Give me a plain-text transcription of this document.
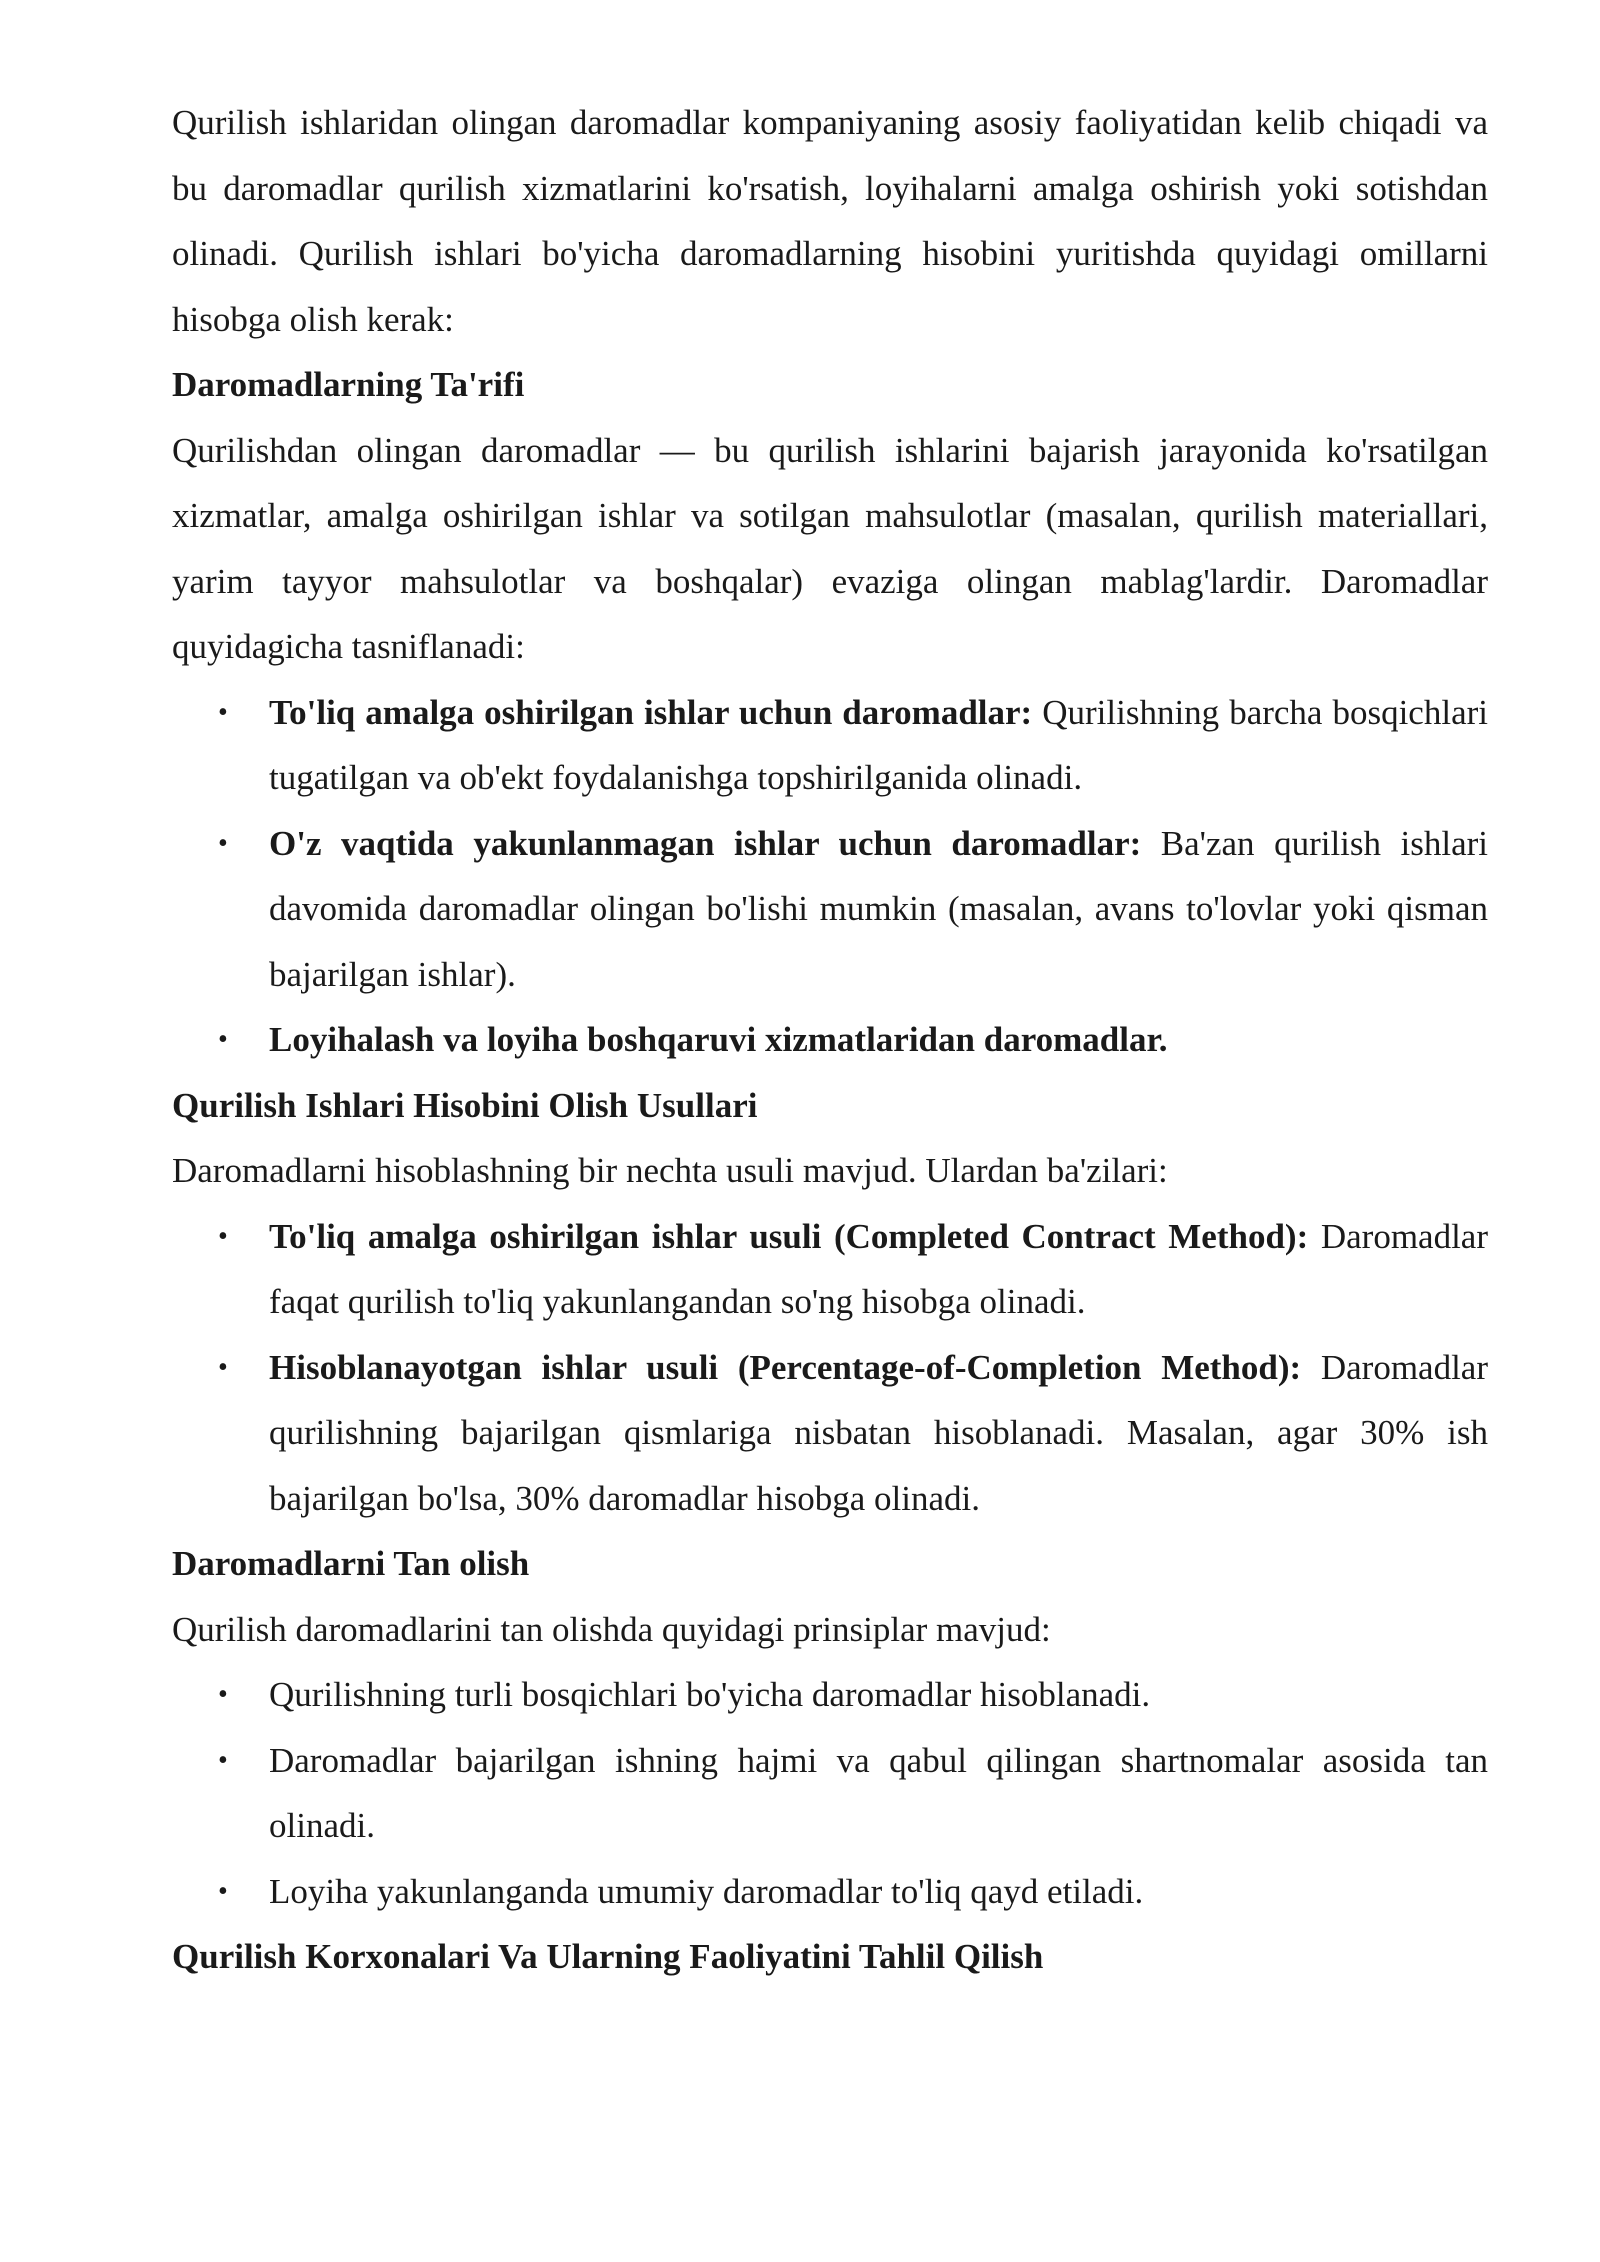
Qurilish ishlaridan olingan daromadlar kompaniyaning asosiy faoliyatidan kelib chiqadi va bu daromadlar qurilish xizmatlarini ko'rsatish, loyihalarni amalga oshirish yoki sotishdan olinadi. Qurilish ishlari bo'yicha daromadlarning hisobini yuritishda quyidagi omillarni hisobga olish kerak:

Daromadlarning Ta'rifi

Qurilishdan olingan daromadlar — bu qurilish ishlarini bajarish jarayonida ko'rsatilgan xizmatlar, amalga oshirilgan ishlar va sotilgan mahsulotlar (masalan, qurilish materiallari, yarim tayyor mahsulotlar va boshqalar) evaziga olingan mablag'lardir. Daromadlar quyidagicha tasniflanadi:

• To'liq amalga oshirilgan ishlar uchun daromadlar: Qurilishning barcha bosqichlari tugatilgan va ob'ekt foydalanishga topshirilganida olinadi.
• O'z vaqtida yakunlanmagan ishlar uchun daromadlar: Ba'zan qurilish ishlari davomida daromadlar olingan bo'lishi mumkin (masalan, avans to'lovlar yoki qisman bajarilgan ishlar).
• Loyihalash va loyiha boshqaruvi xizmatlaridan daromadlar.
Qurilish Ishlari Hisobini Olish Usullari

Daromadlarni hisoblashning bir nechta usuli mavjud. Ulardan ba'zilari:

• To'liq amalga oshirilgan ishlar usuli (Completed Contract Method): Daromadlar faqat qurilish to'liq yakunlangandan so'ng hisobga olinadi.
• Hisoblanayotgan ishlar usuli (Percentage-of-Completion Method): Daromadlar qurilishning bajarilgan qismlariga nisbatan hisoblanadi. Masalan, agar 30% ish bajarilgan bo'lsa, 30% daromadlar hisobga olinadi.
Daromadlarni Tan olish

Qurilish daromadlarini tan olishda quyidagi prinsiplar mavjud:

• Qurilishning turli bosqichlari bo'yicha daromadlar hisoblanadi.
• Daromadlar bajarilgan ishning hajmi va qabul qilingan shartnomalar asosida tan olinadi.
• Loyiha yakunlanganda umumiy daromadlar to'liq qayd etiladi.
Qurilish Korxonalari Va Ularning Faoliyatini Tahlil Qilish
